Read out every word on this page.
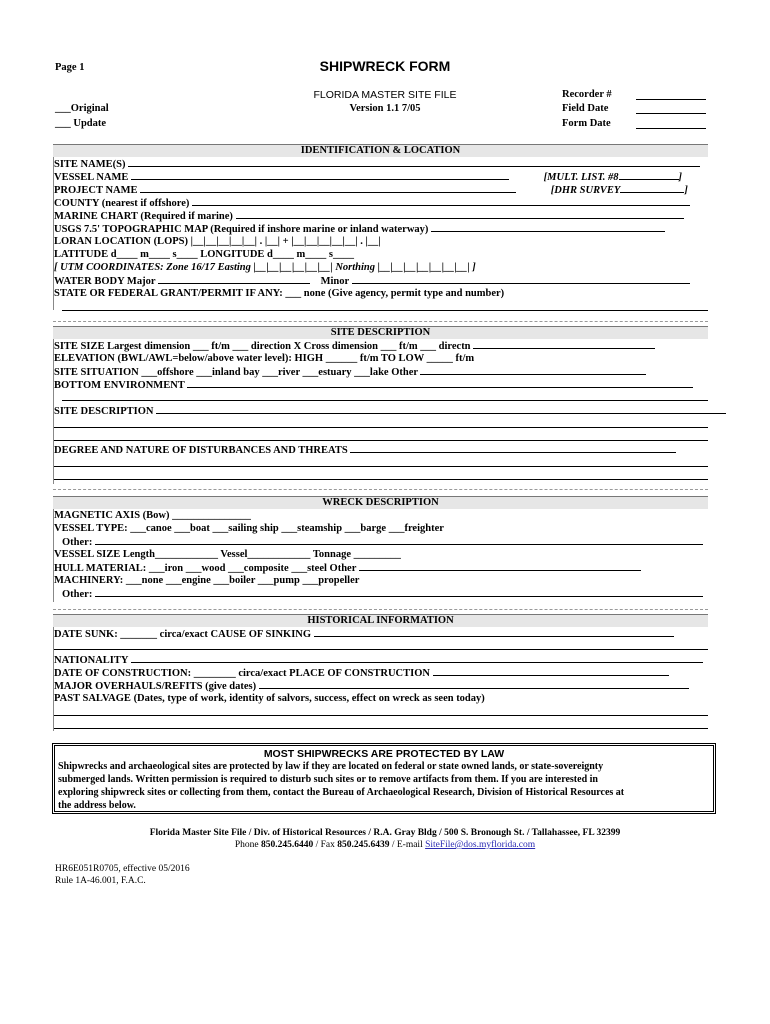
Page 1	SHIPWRECK FORM
FLORIDA MASTER SITE FILE
Version 1.1 7/05
___Original
___ Update
Recorder #
Field Date
Form Date
IDENTIFICATION & LOCATION
SITE NAME(S)
VESSEL NAME	[MULT. LIST. #8	]
PROJECT NAME	[DHR SURVEY	]
COUNTY (nearest if offshore)
MARINE CHART (Required if marine)
USGS 7.5' TOPOGRAPHIC MAP (Required if inshore marine or inland waterway)
LORAN LOCATION (LOPS) |__|__|__|__|__| . |__| + |__|__|__|__|__| . |__|
LATITUDE d____ m____ s____ LONGITUDE d____ m____ s____
[ UTM COORDINATES: Zone 16/17 Easting |__|__|__|__|__|__| Northing |__|__|__|__|__|__|__| ]
WATER BODY Major	Minor
STATE OR FEDERAL GRANT/PERMIT IF ANY: ___ none (Give agency, permit type and number)
SITE DESCRIPTION
SITE SIZE Largest dimension ___ ft/m ___ direction X Cross dimension ___ ft/m ___ directn
ELEVATION (BWL/AWL=below/above water level): HIGH ______ ft/m TO LOW _____ ft/m
SITE SITUATION ___offshore ___inland bay ___river ___estuary ___lake Other
BOTTOM ENVIRONMENT
SITE DESCRIPTION
DEGREE AND NATURE OF DISTURBANCES AND THREATS
WRECK DESCRIPTION
MAGNETIC AXIS (Bow) _______________
VESSEL TYPE: ___canoe ___boat ___sailing ship ___steamship ___barge ___freighter
Other:
VESSEL SIZE Length____________ Vessel____________ Tonnage _________
HULL MATERIAL: ___iron ___wood ___composite ___steel Other
MACHINERY: ___none ___engine ___boiler ___pump ___propeller
Other:
HISTORICAL INFORMATION
DATE SUNK: _______ circa/exact CAUSE OF SINKING
NATIONALITY
DATE OF CONSTRUCTION: ________ circa/exact PLACE OF CONSTRUCTION
MAJOR OVERHAULS/REFITS (give dates)
PAST SALVAGE (Dates, type of work, identity of salvors, success, effect on wreck as seen today)
MOST SHIPWRECKS ARE PROTECTED BY LAW
Shipwrecks and archaeological sites are protected by law if they are located on federal or state owned lands, or state-sovereignty
submerged lands. Written permission is required to disturb such sites or to remove artifacts from them. If you are interested in
exploring shipwreck sites or collecting from them, contact the Bureau of Archaeological Research, Division of Historical Resources at
the address below.
Florida Master Site File / Div. of Historical Resources / R.A. Gray Bldg / 500 S. Bronough St. / Tallahassee, FL 32399
Phone 850.245.6440 / Fax 850.245.6439 / E-mail SiteFile@dos.myflorida.com
HR6E051R0705, effective 05/2016
Rule 1A-46.001, F.A.C.
